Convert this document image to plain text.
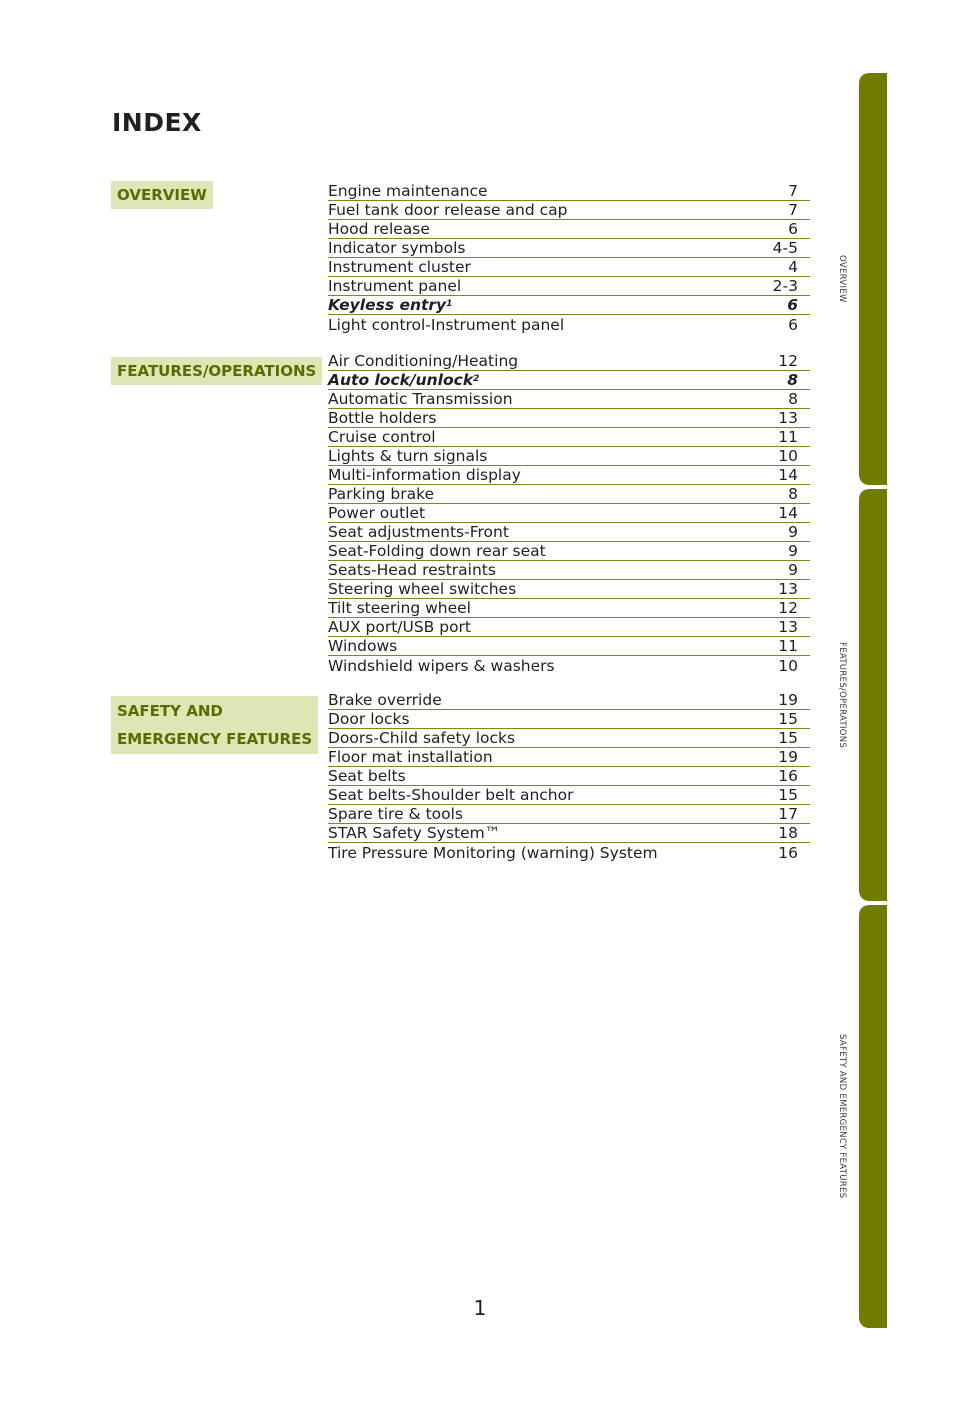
INDEX
OVERVIEW
FEATURES/OPERATIONS
SAFETY AND
EMERGENCY FEATURES
Engine maintenance	7
Fuel tank door release and cap	7
Hood release	6
Indicator symbols	4-5
Instrument cluster	4
Instrument panel	2-3
Keyless entry$^1$	6
Light control-Instrument panel	6
Air Conditioning/Heating	12
Auto lock/unlock$^2$	8
Automatic Transmission	8
Bottle holders	13
Cruise control	11
Lights & turn signals	10
Multi-information display	14
Parking brake	8
Power outlet	14
Seat adjustments-Front	9
Seat-Folding down rear seat	9
Seats-Head restraints	9
Steering wheel switches	13
Tilt steering wheel	12
AUX port/USB port	13
Windows	11
Windshield wipers & washers	10
Brake override	19
Door locks	15
Doors-Child safety locks	15
Floor mat installation	19
Seat belts	16
Seat belts-Shoulder belt anchor	15
Spare tire & tools	17
STAR Safety System™	18
Tire Pressure Monitoring (warning) System	16
OVERVIEW
FEATURES/OPERATIONS
SAFETY AND EMERGENCY FEATURES
1
